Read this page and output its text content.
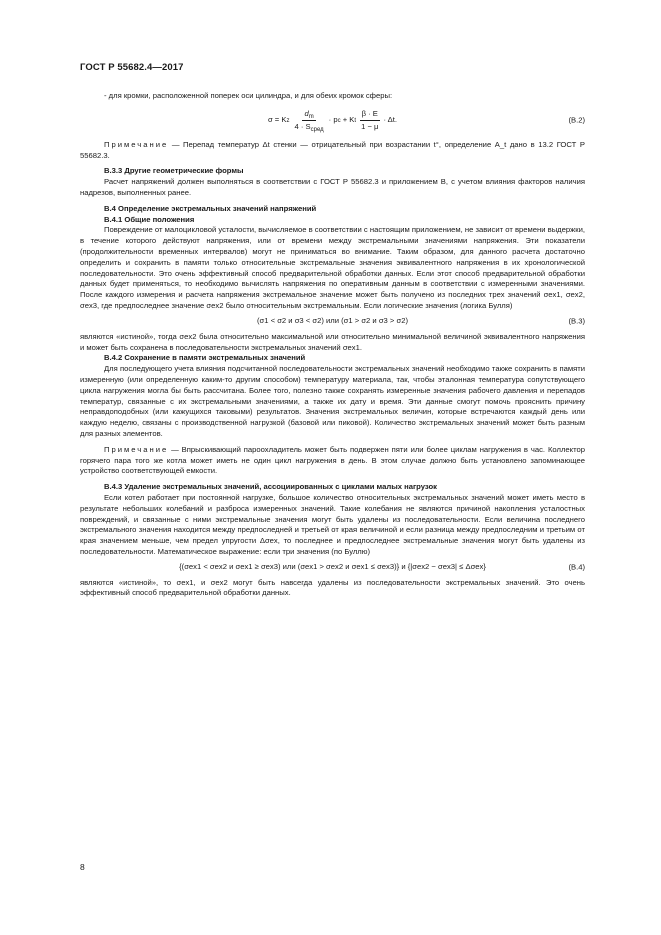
ГОСТ Р 55682.4—2017

- для кромки, расположенной поперек оси цилиндра, и для обеих кромок сферы:

σ = K z $\frac{d_m}{4 \cdot S_{сред}} \cdot p$ c
+ K t $\frac{\beta \cdot E}{1 - \mu} \cdot \Delta t$.	(B.2)

Примечание — Перепад температур Δt стенки — отрицательный при возрастании t°, определение A_t дано в 13.2 ГОСТ Р 55682.3.

B.3.3 Другие геометрические формы

Расчет напряжений должен выполняться в соответствии с ГОСТ Р 55682.3 и приложением B, с учетом влияния факторов наличия надрезов, выполненных ранее.

B.4 Определение экстремальных значений напряжений

B.4.1 Общие положения

Повреждение от малоцикловой усталости, вычисляемое в соответствии с настоящим приложением, не зависит от времени выдержки, в течение которого действуют напряжения, или от времени между экстремальными значениями напряжения. Эти показатели (продолжительности временных интервалов) могут не приниматься во внимание. Таким образом, для данного расчета достаточно определить и сохранить в памяти только относительные экстремальные значения эквивалентного напряжения в их хронологической последовательности. Это очень эффективный способ предварительной обработки данных. Если этот способ предварительной обработки данных будет применяться, то необходимо вычислять напряжения по оперативным данным в соответствии с измеренными значениями. После каждого измерения и расчета напряжения экстремальное значение может быть получено из последних трех значений σex1, σex2, σex3, где предпоследнее значение σex2 было относительным экстремальным. Если логические значения (логика Булля)

(σ1 < σ2 и σ3 < σ2) или (σ1 > σ2 и σ3 > σ2)	(B.3)

являются «истиной», тогда σex2 была относительно максимальной или относительно минимальной величиной эквивалентного напряжения и может быть сохранена в последовательности экстремальных значений σex1.

B.4.2 Сохранение в памяти экстремальных значений

Для последующего учета влияния подсчитанной последовательности экстремальных значений необходимо также сохранить в памяти измеренную (или определенную каким-то другим способом) температуру материала, так, чтобы эталонная температура сопутствующего цикла нагружения могла бы быть рассчитана. Более того, полезно также сохранять измеренные значения рабочего давления и перепадов температур, связанные с их экстремальными значениями, а также их дату и время. Эти данные смогут помочь прояснить причину неправдоподобных (или кажущихся таковыми) результатов. Значения экстремальных величин, которые встречаются каждый день или каждую неделю, связаны с производственной нагрузкой (базовой или пиковой). Количество экстремальных значений может быть разным для разных элементов.

Примечание — Впрыскивающий пароохладитель может быть подвержен пяти или более циклам нагружения в час. Коллектор горячего пара того же котла может иметь не один цикл нагружения в день. В этом случае должно быть установлено запоминающее устройство соответствующей емкости.

B.4.3 Удаление экстремальных значений, ассоциированных с циклами малых нагрузок

Если котел работает при постоянной нагрузке, большое количество относительных экстремальных значений может иметь место в результате небольших колебаний и разброса измеренных значений. Такие колебания не являются причиной накопления усталостных повреждений, и связанные с ними экстремальные значения могут быть удалены из последовательности. Если величина последнего экстремального значения находится между предпоследней и третьей от края величиной и если разница между предпоследним и третьим от края значением меньше, чем предел упругости Δσex, то последнее и предпоследнее экстремальные значения могут быть удалены из последовательности. Математическое выражение: если три значения (по Буллю)

{(σex1 < σex2 и σex1 ≥ σex3) или (σex1 > σex2 и σex1 ≤ σex3)} и {|σex2 − σex3| ≤ Δσex}	(B.4)

являются «истиной», то σex1, и σex2 могут быть навсегда удалены из последовательности экстремальных значений. Это очень эффективный способ предварительной обработки данных.

8
